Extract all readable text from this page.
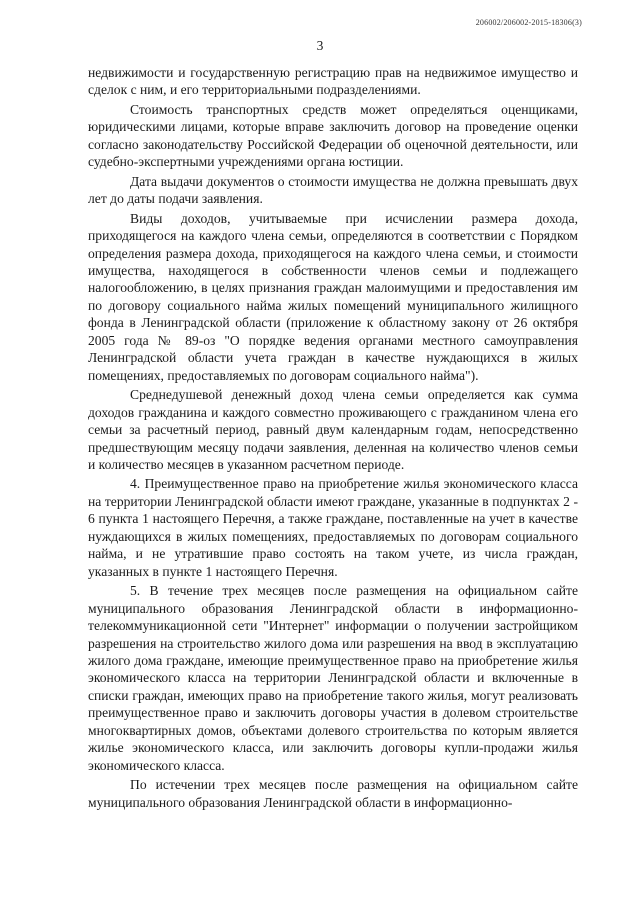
206002/206002-2015-18306(3)
3

недвижимости и государственную регистрацию прав на недвижимое имущество и сделок с ним, и его территориальными подразделениями.

Стоимость транспортных средств может определяться оценщиками, юридическими лицами, которые вправе заключить договор на проведение оценки согласно законодательству Российской Федерации об оценочной деятельности, или судебно-экспертными учреждениями органа юстиции.

Дата выдачи документов о стоимости имущества не должна превышать двух лет до даты подачи заявления.

Виды доходов, учитываемые при исчислении размера дохода, приходящегося на каждого члена семьи, определяются в соответствии с Порядком определения размера дохода, приходящегося на каждого члена семьи, и стоимости имущества, находящегося в собственности членов семьи и подлежащего налогообложению, в целях признания граждан малоимущими и предоставления им по договору социального найма жилых помещений муниципального жилищного фонда в Ленинградской области (приложение к областному закону от 26 октября 2005 года № 89-оз "О порядке ведения органами местного самоуправления Ленинградской области учета граждан в качестве нуждающихся в жилых помещениях, предоставляемых по договорам социального найма").

Среднедушевой денежный доход члена семьи определяется как сумма доходов гражданина и каждого совместно проживающего с гражданином члена его семьи за расчетный период, равный двум календарным годам, непосредственно предшествующим месяцу подачи заявления, деленная на количество членов семьи и количество месяцев в указанном расчетном периоде.

4. Преимущественное право на приобретение жилья экономического класса на территории Ленинградской области имеют граждане, указанные в подпунктах 2 - 6 пункта 1 настоящего Перечня, а также граждане, поставленные на учет в качестве нуждающихся в жилых помещениях, предоставляемых по договорам социального найма, и не утратившие право состоять на таком учете, из числа граждан, указанных в пункте 1 настоящего Перечня.

5. В течение трех месяцев после размещения на официальном сайте муниципального образования Ленинградской области в информационно-телекоммуникационной сети "Интернет" информации о получении застройщиком разрешения на строительство жилого дома или разрешения на ввод в эксплуатацию жилого дома граждане, имеющие преимущественное право на приобретение жилья экономического класса на территории Ленинградской области и включенные в списки граждан, имеющих право на приобретение такого жилья, могут реализовать преимущественное право и заключить договоры участия в долевом строительстве многоквартирных домов, объектами долевого строительства по которым является жилье экономического класса, или заключить договоры купли-продажи жилья экономического класса.

По истечении трех месяцев после размещения на официальном сайте муниципального образования Ленинградской области в информационно-
